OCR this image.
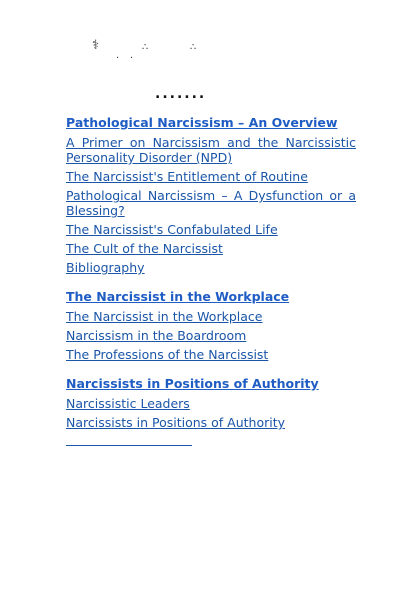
⚕
. .
∴	∴
.......
Pathological Narcissism – An Overview
A Primer on Narcissism and the Narcissistic Personality Disorder (NPD)
The Narcissist's Entitlement of Routine
Pathological Narcissism – A Dysfunction or a Blessing?
The Narcissist's Confabulated Life
The Cult of the Narcissist
Bibliography
The Narcissist in the Workplace
The Narcissist in the Workplace
Narcissism in the Boardroom
The Professions of the Narcissist
Narcissists in Positions of Authority
Narcissistic Leaders
Narcissists in Positions of Authority
